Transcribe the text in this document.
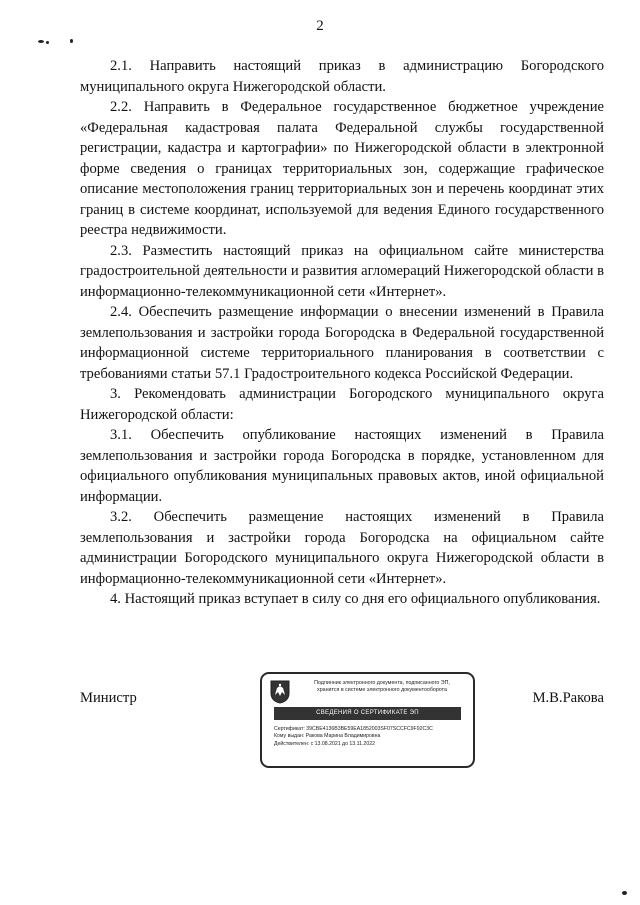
2

2.1. Направить настоящий приказ в администрацию Богородского муниципального округа Нижегородской области.

2.2. Направить в Федеральное государственное бюджетное учреждение «Федеральная кадастровая палата Федеральной службы государственной регистрации, кадастра и картографии» по Нижегородской области в электронной форме сведения о границах территориальных зон, содержащие графическое описание местоположения границ территориальных зон и перечень координат этих границ в системе координат, используемой для ведения Единого государственного реестра недвижимости.

2.3. Разместить настоящий приказ на официальном сайте министерства градостроительной деятельности и развития агломераций Нижегородской области в информационно-телекоммуникационной сети «Интернет».

2.4. Обеспечить размещение информации о внесении изменений в Правила землепользования и застройки города Богородска в Федеральной государственной информационной системе территориального планирования в соответствии с требованиями статьи 57.1 Градостроительного кодекса Российской Федерации.

3. Рекомендовать администрации Богородского муниципального округа Нижегородской области:

3.1. Обеспечить опубликование настоящих изменений в Правила землепользования и застройки города Богородска в порядке, установленном для официального опубликования муниципальных правовых актов, иной официальной информации.

3.2. Обеспечить размещение настоящих изменений в Правила землепользования и застройки города Богородска на официальном сайте администрации Богородского муниципального округа Нижегородской области в информационно-телекоммуникационной сети «Интернет».

4. Настоящий приказ вступает в силу со дня его официального опубликования.

Министр	М.В.Ракова
Подлинник электронного документа, подписанного ЭП,
хранится в системе электронного документооборота
СВЕДЕНИЯ О СЕРТИФИКАТЕ ЭП
Сертификат: 39CBE4136B3BE59EA1852003SF07SCCFC9F92C3C
Кому выдан: Ракова Марина Владимировна
Действителен: с 13.08.2021 до 13.11.2022
